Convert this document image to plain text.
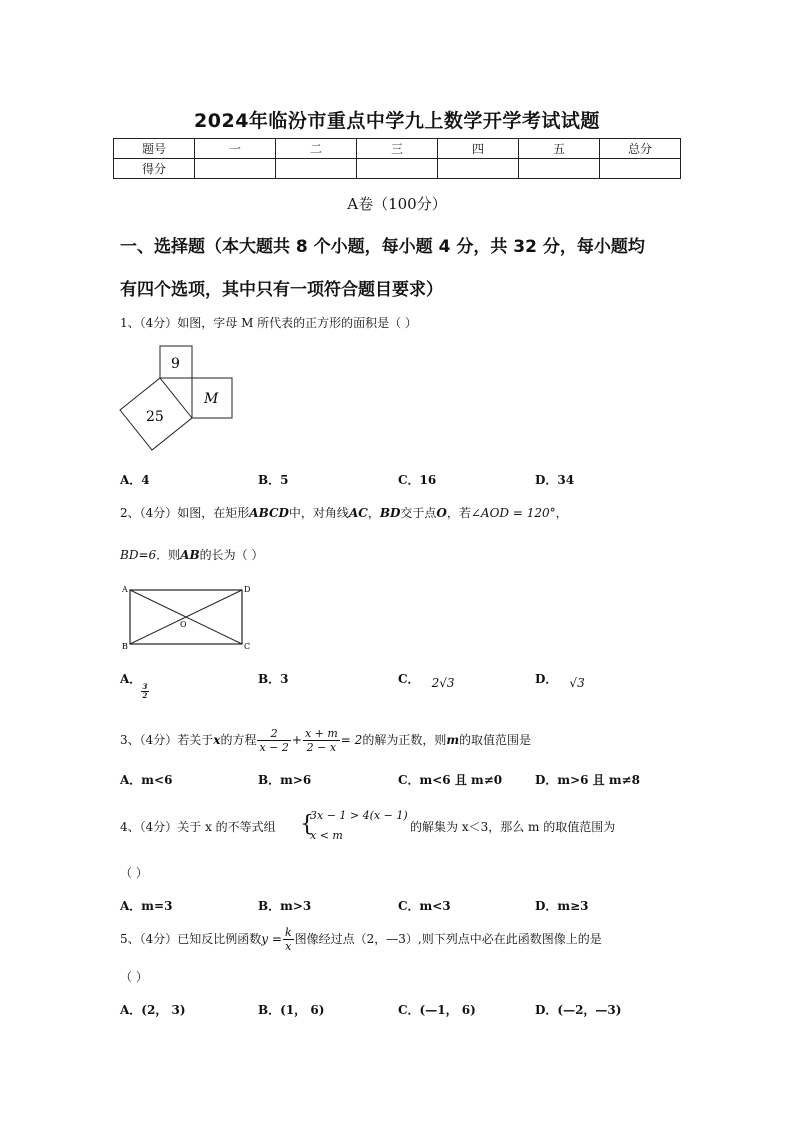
2024年临汾市重点中学九上数学开学考试试题
题号	一	二	三	四	五	总分
得分						
A卷（100分）
一、选择题（本大题共 8 个小题，每小题 4 分，共 32 分，每小题均
有四个选项，其中只有一项符合题目要求）
1、（4分）如图，字母 M 所代表的正方形的面积是（ ）
9
25
M
A．4	B．5	C．16	D．34
2、（4分）如图，在矩形ABCD中，对角线AC，BD交于点O，若∠AOD = 120°，
BD=6．则AB的长为（ ）
A	D
O
B	C
A．
$\frac{3}{2}$
B．3	C． 2√3	D． √3
3、（4分）若关于x的方程 $\frac{2}{x - 2} + \frac{x + m}{2 - x} = 2$的解为正数，则m的取值范围是
A．m<6	B．m>6	C．m<6 且 m≠0	D．m>6 且 m≠8
4、（4分）关于 x 的不等式组	{
3x − 1 > 4(x − 1)
x < m
的解集为 x＜3，那么 m 的取值范围为
（ ）
A．m=3	B．m>3	C．m<3	D．m≥3
5、（4分）已知反比例函数$y = \frac{k}{x}$ 图像经过点（2，—3）,则下列点中必在此函数图像上的是
（ ）
A．(2， 3)	B．(1， 6)	C．(—1， 6)	D．(—2，—3)
